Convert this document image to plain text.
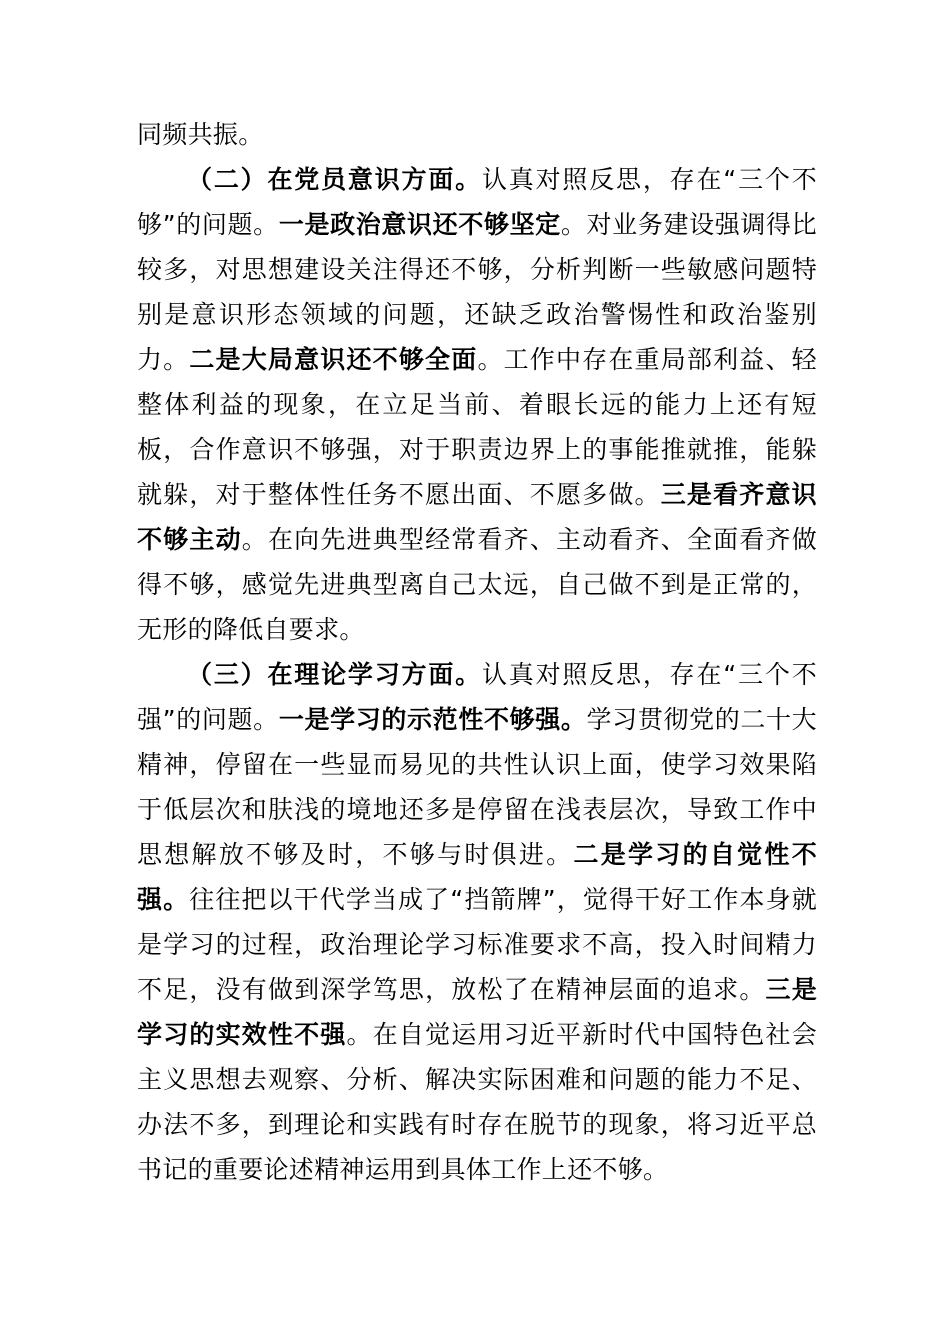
同频共振。

（二）在党员意识方面。认真对照反思，存在“三个不够”的问题。一是政治意识还不够坚定。对业务建设强调得比较多，对思想建设关注得还不够，分析判断一些敏感问题特别是意识形态领域的问题，还缺乏政治警惕性和政治鉴别力。二是大局意识还不够全面。工作中存在重局部利益、轻整体利益的现象，在立足当前、着眼长远的能力上还有短板，合作意识不够强，对于职责边界上的事能推就推，能躲就躲，对于整体性任务不愿出面、不愿多做。三是看齐意识不够主动。在向先进典型经常看齐、主动看齐、全面看齐做得不够，感觉先进典型离自己太远，自己做不到是正常的，无形的降低自要求。

（三）在理论学习方面。认真对照反思，存在“三个不强”的问题。一是学习的示范性不够强。学习贯彻党的二十大精神，停留在一些显而易见的共性认识上面，使学习效果陷于低层次和肤浅的境地还多是停留在浅表层次，导致工作中思想解放不够及时，不够与时俱进。二是学习的自觉性不强。往往把以干代学当成了“挡箭牌”，觉得干好工作本身就是学习的过程，政治理论学习标准要求不高，投入时间精力不足，没有做到深学笃思，放松了在精神层面的追求。三是学习的实效性不强。在自觉运用习近平新时代中国特色社会主义思想去观察、分析、解决实际困难和问题的能力不足、办法不多，到理论和实践有时存在脱节的现象，将习近平总书记的重要论述精神运用到具体工作上还不够。
